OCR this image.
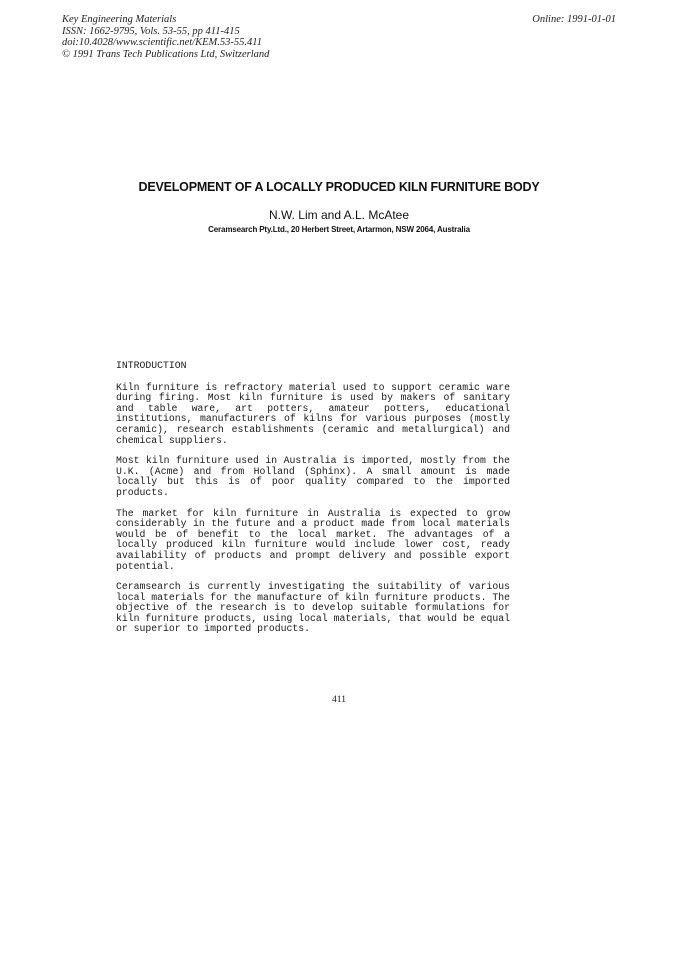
Key Engineering Materials
ISSN: 1662-9795, Vols. 53-55, pp 411-415
doi:10.4028/www.scientific.net/KEM.53-55.411
© 1991 Trans Tech Publications Ltd, Switzerland
Online: 1991-01-01
DEVELOPMENT OF A LOCALLY PRODUCED KILN FURNITURE BODY
N.W. Lim and A.L. McAtee
Ceramsearch Pty.Ltd., 20 Herbert Street, Artarmon, NSW 2064, Australia
INTRODUCTION

Kiln furniture is refractory material used to support ceramic ware during firing. Most kiln furniture is used by makers of sanitary and table ware, art potters, amateur potters, educational institutions, manufacturers of kilns for various purposes (mostly ceramic), research establishments (ceramic and metallurgical) and chemical suppliers.

Most kiln furniture used in Australia is imported, mostly from the U.K. (Acme) and from Holland (Sphinx). A small amount is made locally but this is of poor quality compared to the imported products.

The market for kiln furniture in Australia is expected to grow considerably in the future and a product made from local materials would be of benefit to the local market. The advantages of a locally produced kiln furniture would include lower cost, ready availability of products and prompt delivery and possible export potential.

Ceramsearch is currently investigating the suitability of various local materials for the manufacture of kiln furniture products. The objective of the research is to develop suitable formulations for kiln furniture products, using local materials, that would be equal or superior to imported products.

411
